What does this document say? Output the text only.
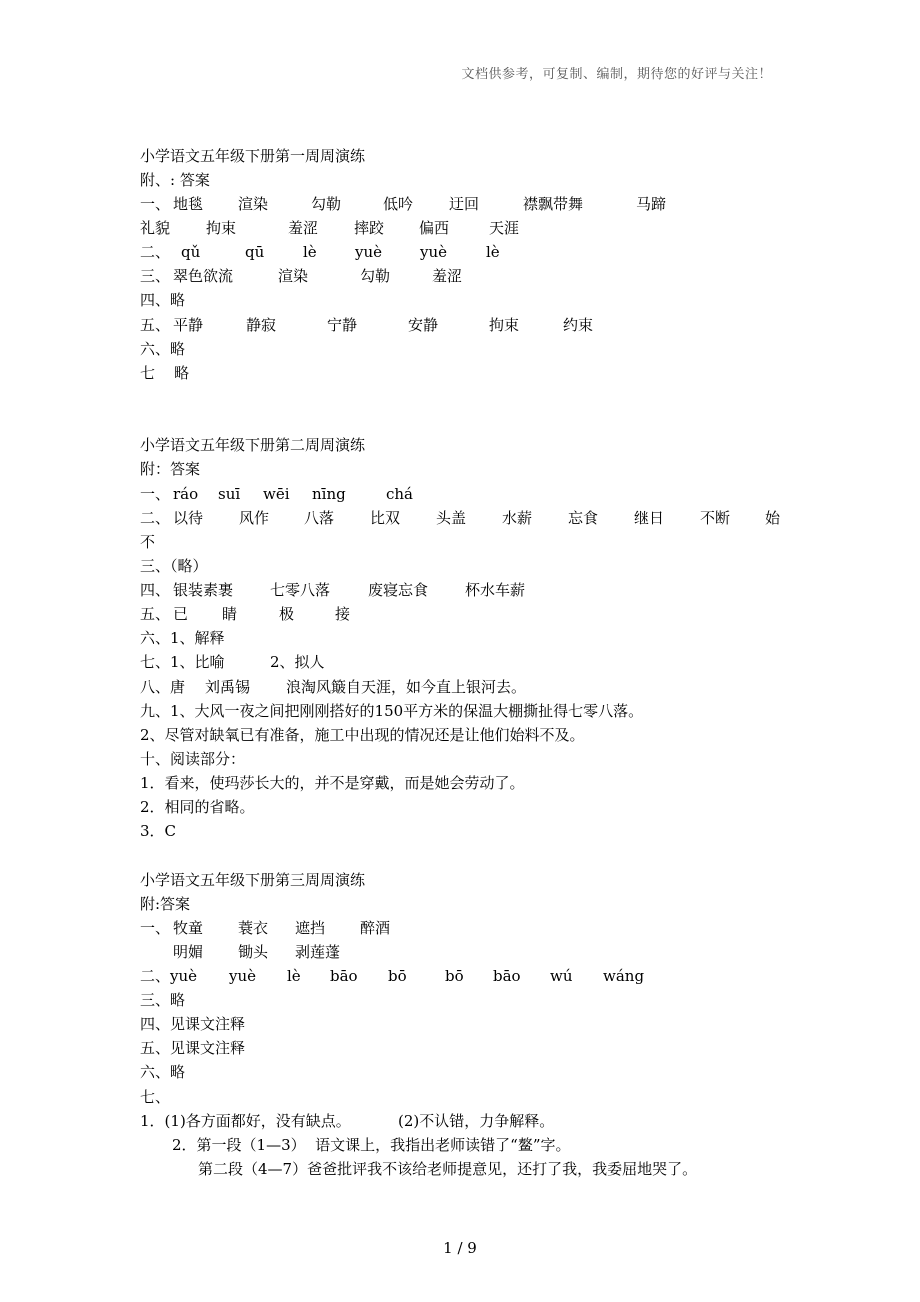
文档供参考，可复制、编制，期待您的好评与关注！
小学语文五年级下册第一周周演练
附、: 答案
一、 地毯 渲染	勾勒	低吟 迂回	襟飘带舞	马蹄
礼貌 拘束	羞涩 摔跤 偏西	天涯
二、 qǔ	qū	lè	yuè	yuè	lè
三、 翠色欲流	渲染	勾勒	羞涩
四、略
五、 平静	静寂	宁静	安静	拘束	约束
六、略
七    略
小学语文五年级下册第二周周演练
附：答案
一、 ráo suī wēi nīng	chá
二、 以待 风作 八落 比双 头盖 水薪 忘食 继日 不断 始
不
三、（略）
四、 银装素裹 七零八落	废寝忘食 杯水车薪
五、 已 睛	极	接
六、1、解释
七、1、比喻	2、拟人
八、唐 刘禹锡 浪淘风簸自天涯，如今直上银河去。
九、1、大风一夜之间把刚刚搭好的150平方米的保温大棚撕扯得七零八落。
2、尽管对缺氧已有准备，施工中出现的情况还是让他们始料不及。
十、阅读部分：
1．看来，使玛莎长大的，并不是穿戴，而是她会劳动了。
2．相同的省略。
3．C
小学语文五年级下册第三周周演练
附:答案
一、 牧童 蓑衣 遮挡 醉酒
明媚 锄头 剥莲蓬
二、 yuè yuè lè bāo bō	bō bāo wú wáng
三、略
四、见课文注释
五、见课文注释
六、略
七、
1．(1)各方面都好，没有缺点。	(2)不认错，力争解释。
2．第一段（1—3）  语文课上，我指出老师读错了“鳌”字。
第二段（4—7）爸爸批评我不该给老师提意见，还打了我，我委屈地哭了。
1 / 9
